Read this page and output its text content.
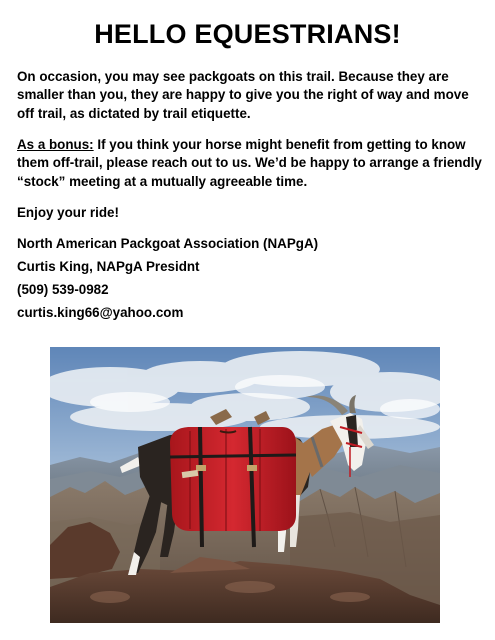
HELLO EQUESTRIANS!
On occasion, you may see packgoats on this trail. Because they are smaller than you, they are happy to give you the right of way and move off trail, as dictated by trail etiquette.
As a bonus: If you think your horse might benefit from getting to know them off-trail, please reach out to us. We’d be happy to arrange a friendly “stock” meeting at a mutually agreeable time.
Enjoy your ride!
North American Packgoat Association (NAPgA)
Curtis King, NAPgA Presidnt
(509) 539-0982
curtis.king66@yahoo.com
